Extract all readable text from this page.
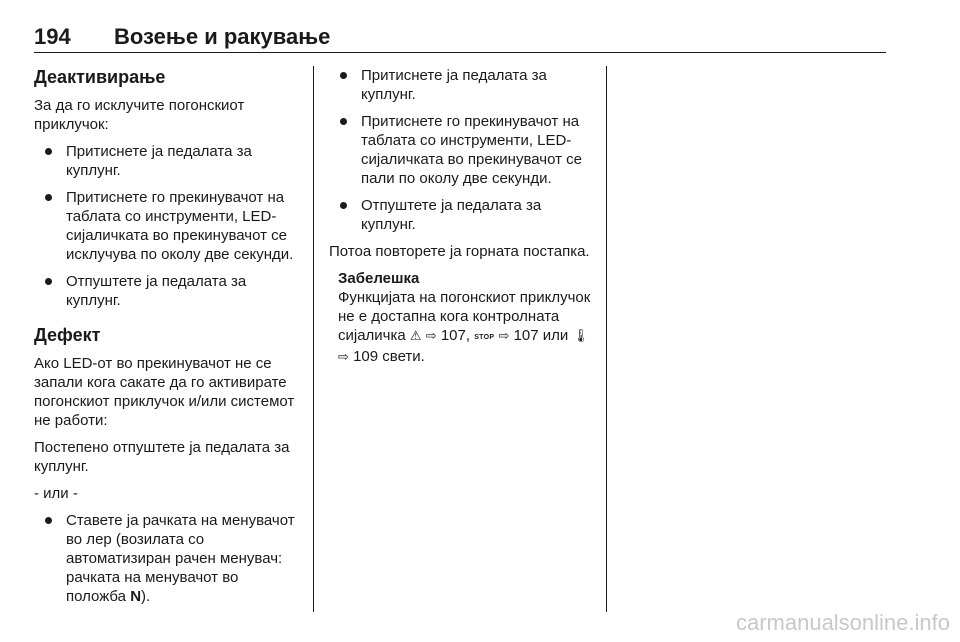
194 Возење и ракување
Деактивирање

За да го исклучите погонскиот приклучок:

Притиснете ја педалата за куплунг.
Притиснете го прекинувачот на таблата со инструменти, LED-сијаличката во прекинувачот се исклучува по околу две секунди.
Отпуштете ја педалата за куплунг.
Дефект

Ако LED-от во прекинувачот не се запали кога сакате да го активирате погонскиот приклучок и/или системот не работи:

Постепено отпуштете ја педалата за куплунг.

- или -

Ставете ја рачката на менувачот во лер (возилата со автоматизиран рачен менувач: рачката на менувачот во положба N).
Притиснете ја педалата за куплунг.
Притиснете го прекинувачот на таблата со инструменти, LED-сијаличката во прекинувачот се пали по околу две секунди.
Отпуштете ја педалата за куплунг.

Потоа повторете ја горната постапка.

Забелешка
Функцијата на погонскиот приклучок не е достапна кога контролната сијаличка ⚠ ⇨ 107, STOP ⇨ 107 или 🌡 ⇨ 109 свети.
carmanualsonline.info
